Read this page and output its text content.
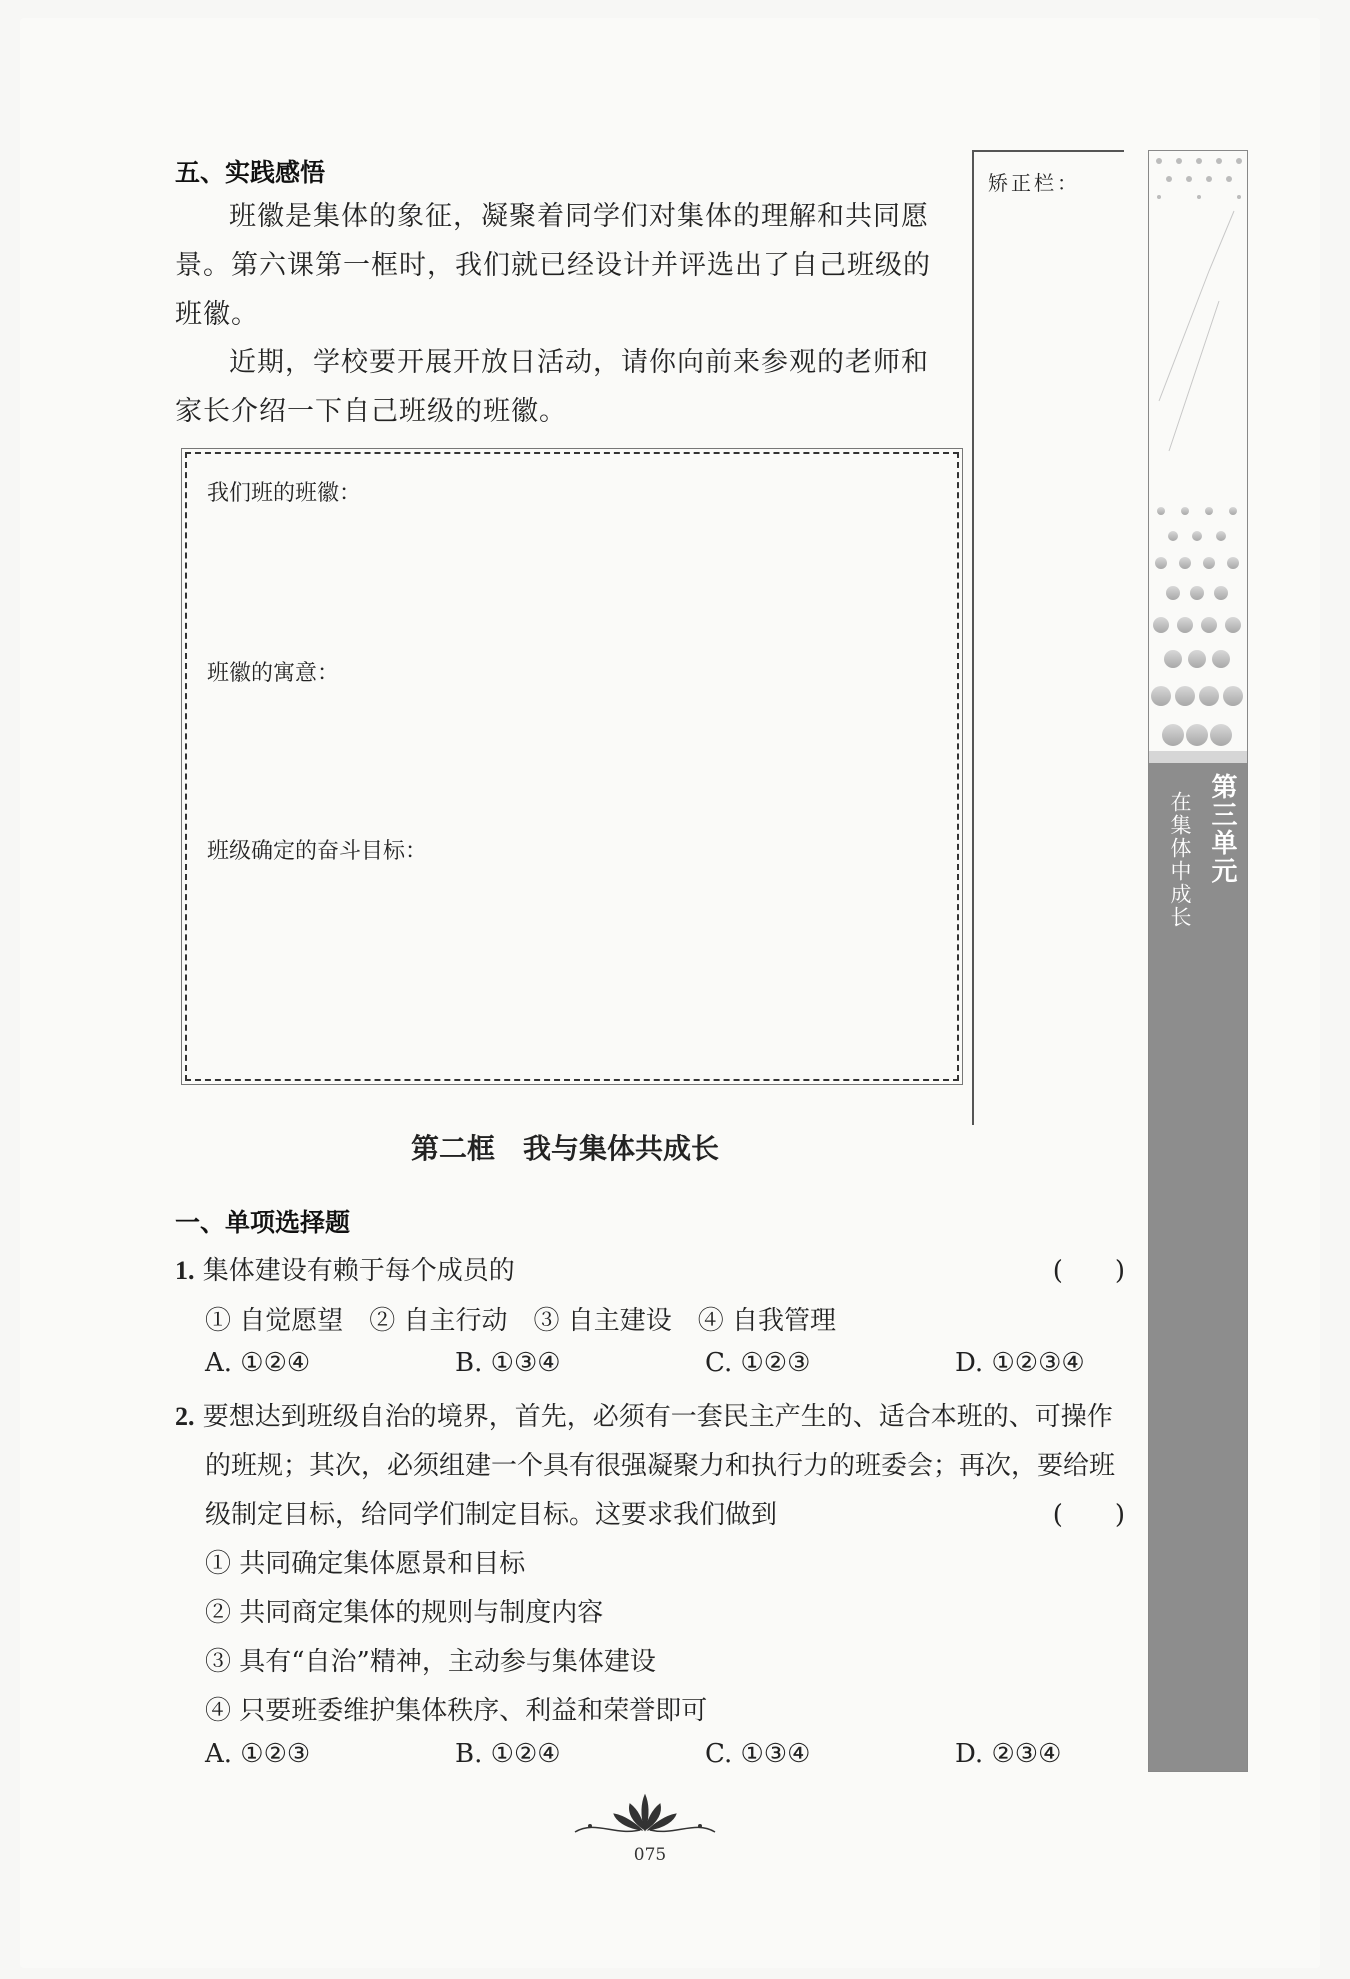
五、实践感悟
班徽是集体的象征，凝聚着同学们对集体的理解和共同愿景。第六课第一框时，我们就已经设计并评选出了自己班级的班徽。
近期，学校要开展开放日活动，请你向前来参观的老师和家长介绍一下自己班级的班徽。
我们班的班徽：
班徽的寓意：
班级确定的奋斗目标：
第二框　我与集体共成长
一、单项选择题
1. 集体建设有赖于每个成员的	(　　)
① 自觉愿望　② 自主行动　③ 自主建设　④ 自我管理
A. ①②④	B. ①③④	C. ①②③	D. ①②③④
2. 要想达到班级自治的境界，首先，必须有一套民主产生的、适合本班的、可操作
的班规；其次，必须组建一个具有很强凝聚力和执行力的班委会；再次，要给班
级制定目标，给同学们制定目标。这要求我们做到	(　　)
① 共同确定集体愿景和目标
② 共同商定集体的规则与制度内容
③ 具有“自治”精神，主动参与集体建设
④ 只要班委维护集体秩序、利益和荣誉即可
A. ①②③	B. ①②④	C. ①③④	D. ②③④
矫正栏：
第三单元
在集体中成长
075
